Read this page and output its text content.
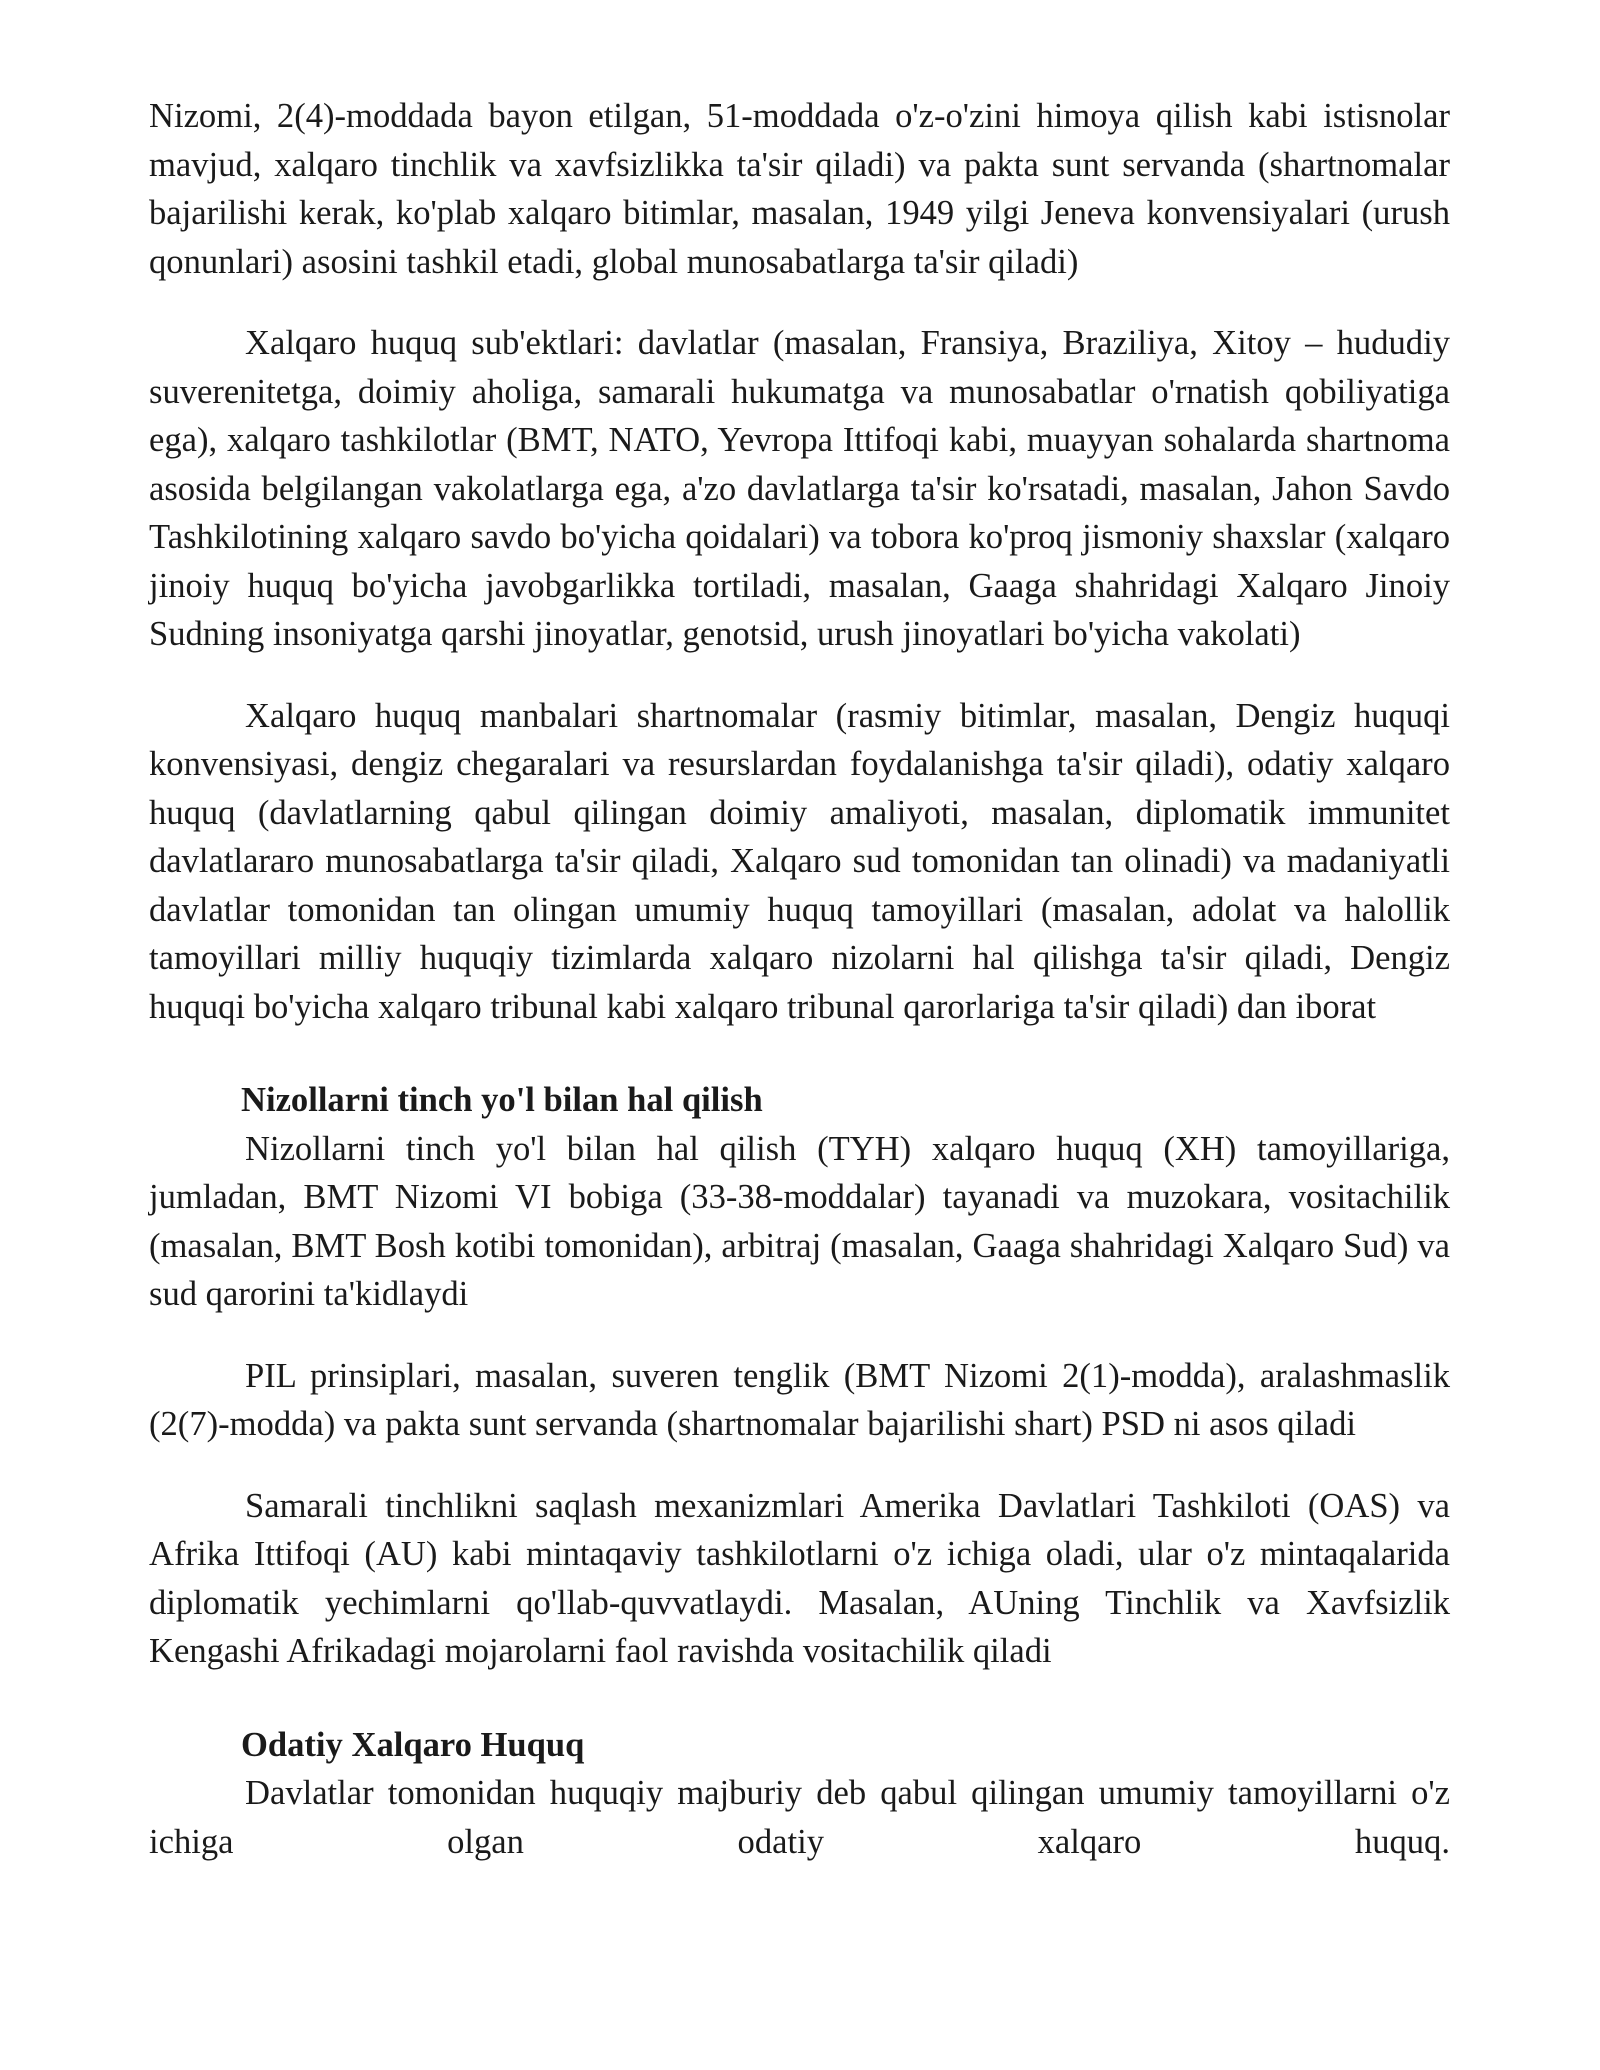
Nizomi, 2(4)-moddada bayon etilgan, 51-moddada o'z-o'zini himoya qilish kabi istisnolar mavjud, xalqaro tinchlik va xavfsizlikka ta'sir qiladi) va pakta sunt servanda (shartnomalar bajarilishi kerak, ko'plab xalqaro bitimlar, masalan, 1949 yilgi Jeneva konvensiyalari (urush qonunlari) asosini tashkil etadi, global munosabatlarga ta'sir qiladi)

Xalqaro huquq sub'ektlari: davlatlar (masalan, Fransiya, Braziliya, Xitoy – hududiy suverenitetga, doimiy aholiga, samarali hukumatga va munosabatlar o'rnatish qobiliyatiga ega), xalqaro tashkilotlar (BMT, NATO, Yevropa Ittifoqi kabi, muayyan sohalarda shartnoma asosida belgilangan vakolatlarga ega, a'zo davlatlarga ta'sir ko'rsatadi, masalan, Jahon Savdo Tashkilotining xalqaro savdo bo'yicha qoidalari) va tobora ko'proq jismoniy shaxslar (xalqaro jinoiy huquq bo'yicha javobgarlikka tortiladi, masalan, Gaaga shahridagi Xalqaro Jinoiy Sudning insoniyatga qarshi jinoyatlar, genotsid, urush jinoyatlari bo'yicha vakolati)

Xalqaro huquq manbalari shartnomalar (rasmiy bitimlar, masalan, Dengiz huquqi konvensiyasi, dengiz chegaralari va resurslardan foydalanishga ta'sir qiladi), odatiy xalqaro huquq (davlatlarning qabul qilingan doimiy amaliyoti, masalan, diplomatik immunitet davlatlararo munosabatlarga ta'sir qiladi, Xalqaro sud tomonidan tan olinadi) va madaniyatli davlatlar tomonidan tan olingan umumiy huquq tamoyillari (masalan, adolat va halollik tamoyillari milliy huquqiy tizimlarda xalqaro nizolarni hal qilishga ta'sir qiladi, Dengiz huquqi bo'yicha xalqaro tribunal kabi xalqaro tribunal qarorlariga ta'sir qiladi) dan iborat

Nizollarni tinch yo'l bilan hal qilish

Nizollarni tinch yo'l bilan hal qilish (TYH) xalqaro huquq (XH) tamoyillariga, jumladan, BMT Nizomi VI bobiga (33-38-moddalar) tayanadi va muzokara, vositachilik (masalan, BMT Bosh kotibi tomonidan), arbitraj (masalan, Gaaga shahridagi Xalqaro Sud) va sud qarorini ta'kidlaydi

PIL prinsiplari, masalan, suveren tenglik (BMT Nizomi 2(1)-modda), aralashmaslik (2(7)-modda) va pakta sunt servanda (shartnomalar bajarilishi shart) PSD ni asos qiladi

Samarali tinchlikni saqlash mexanizmlari Amerika Davlatlari Tashkiloti (OAS) va Afrika Ittifoqi (AU) kabi mintaqaviy tashkilotlarni o'z ichiga oladi, ular o'z mintaqalarida diplomatik yechimlarni qo'llab-quvvatlaydi. Masalan, AUning Tinchlik va Xavfsizlik Kengashi Afrikadagi mojarolarni faol ravishda vositachilik qiladi

Odatiy Xalqaro Huquq

Davlatlar tomonidan huquqiy majburiy deb qabul qilingan umumiy tamoyillarni o'z ichiga olgan odatiy xalqaro huquq.
